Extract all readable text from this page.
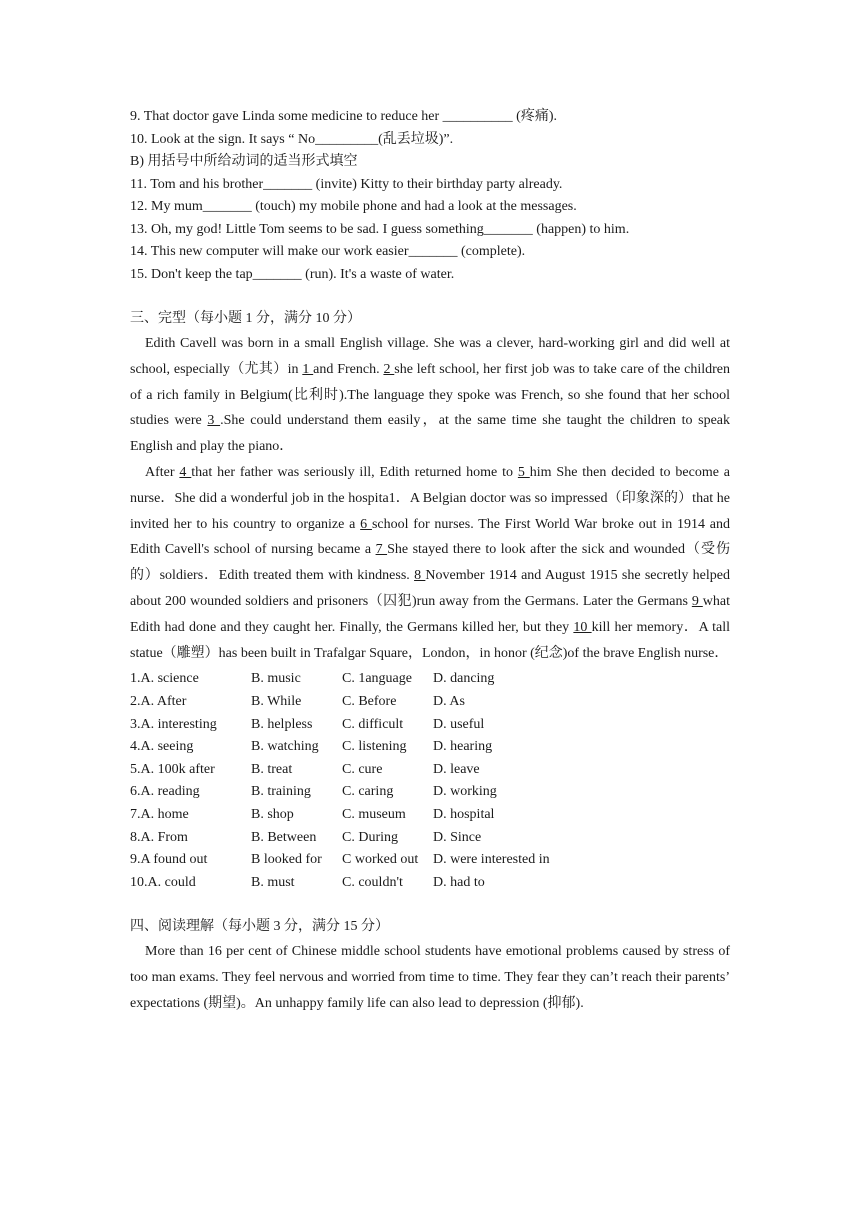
9. That doctor gave Linda some medicine to reduce her __________ (疼痛).
10. Look at the sign. It says “ No_________(乱丢垃圾)”.
B) 用括号中所给动词的适当形式填空
11. Tom and his brother_______ (invite) Kitty to their birthday party already.
12. My mum_______ (touch) my mobile phone and had a look at the messages.
13. Oh, my god! Little Tom seems to be sad. I guess something_______ (happen) to him.
14. This new computer will make our work easier_______ (complete).
15. Don't keep the tap_______ (run). It's a waste of water.
三、完型（每小题 1 分，满分 10 分）

Edith Cavell was born in a small English village. She was a clever, hard-working girl and did well at school, especially（尤其）in 1 and French. 2 she left school, her first job was to take care of the children of a rich family in Belgium(比利时).The language they spoke was French, so she found that her school studies were 3 .She could understand them easily，at the same time she taught the children to speak English and play the piano．

After 4 that her father was seriously ill, Edith returned home to 5 him She then decided to become a nurse．She did a wonderful job in the hospita1．A Belgian doctor was so impressed（印象深的）that he invited her to his country to organize a 6 school for nurses. The First World War broke out in 1914 and Edith Cavell's school of nursing became a 7 She stayed there to look after the sick and wounded（受伤的）soldiers．Edith treated them with kindness. 8 November 1914 and August 1915 she secretly helped about 200 wounded soldiers and prisoners（囚犯)run away from the Germans. Later the Germans 9 what Edith had done and they caught her. Finally, the Germans killed her, but they 10 kill her memory．A tall statue（雕塑）has been built in Trafalgar Square，London，in honor (纪念)of the brave English nurse．

1.A. science	B. music	C. 1anguage	D. dancing
2.A. After	B. While	C. Before	D. As
3.A. interesting	B. helpless	C. difficult	D. useful
4.A. seeing	B. watching	C. listening	D. hearing
5.A. 100k after	B. treat	C. cure	D. leave
6.A. reading	B. training	C. caring	D. working
7.A. home	B. shop	C. museum	D. hospital
8.A. From	B. Between	C. During	D. Since
9.A found out	B looked for	C worked out	D. were interested in
10.A. could	B. must	C. couldn't	D. had to
四、阅读理解（每小题 3 分，满分 15 分）

More than 16 per cent of Chinese middle school students have emotional problems caused by stress of too man exams. They feel nervous and worried from time to time. They fear they can’t reach their parents’ expectations (期望)。An unhappy family life can also lead to depression (抑郁).
